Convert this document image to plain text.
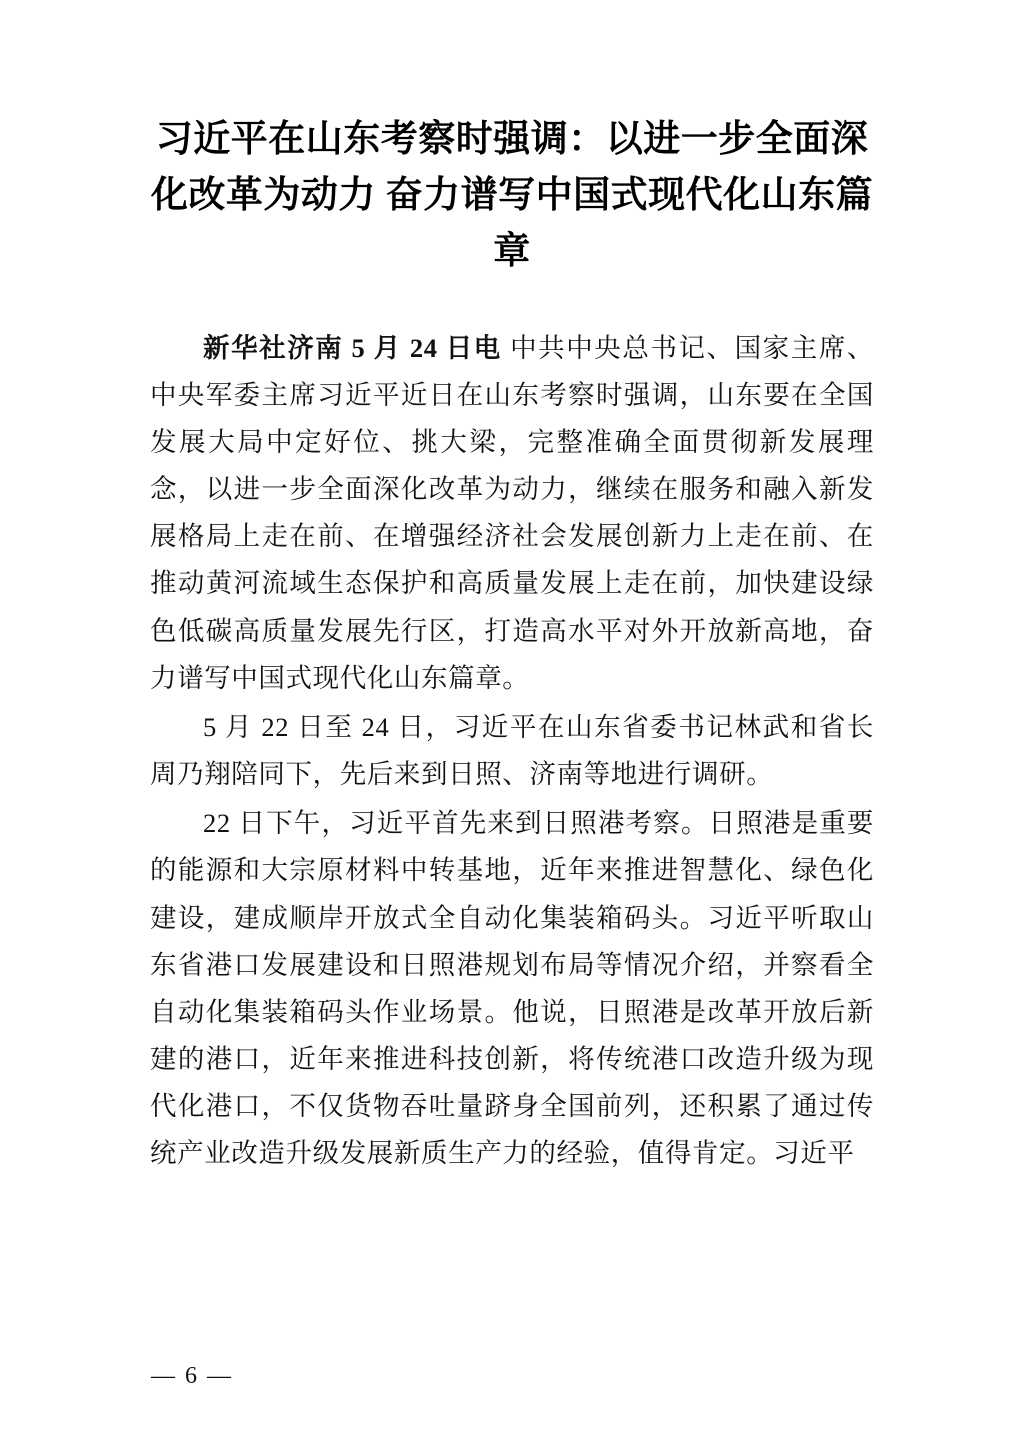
习近平在山东考察时强调：以进一步全面深化改革为动力 奋力谱写中国式现代化山东篇章

新华社济南 5 月 24 日电 中共中央总书记、国家主席、中央军委主席习近平近日在山东考察时强调，山东要在全国发展大局中定好位、挑大梁，完整准确全面贯彻新发展理念，以进一步全面深化改革为动力，继续在服务和融入新发展格局上走在前、在增强经济社会发展创新力上走在前、在推动黄河流域生态保护和高质量发展上走在前，加快建设绿色低碳高质量发展先行区，打造高水平对外开放新高地，奋力谱写中国式现代化山东篇章。

5 月 22 日至 24 日，习近平在山东省委书记林武和省长周乃翔陪同下，先后来到日照、济南等地进行调研。

22 日下午，习近平首先来到日照港考察。日照港是重要的能源和大宗原材料中转基地，近年来推进智慧化、绿色化建设，建成顺岸开放式全自动化集装箱码头。习近平听取山东省港口发展建设和日照港规划布局等情况介绍，并察看全自动化集装箱码头作业场景。他说，日照港是改革开放后新建的港口，近年来推进科技创新，将传统港口改造升级为现代化港口，不仅货物吞吐量跻身全国前列，还积累了通过传统产业改造升级发展新质生产力的经验，值得肯定。习近平

— 6 —
